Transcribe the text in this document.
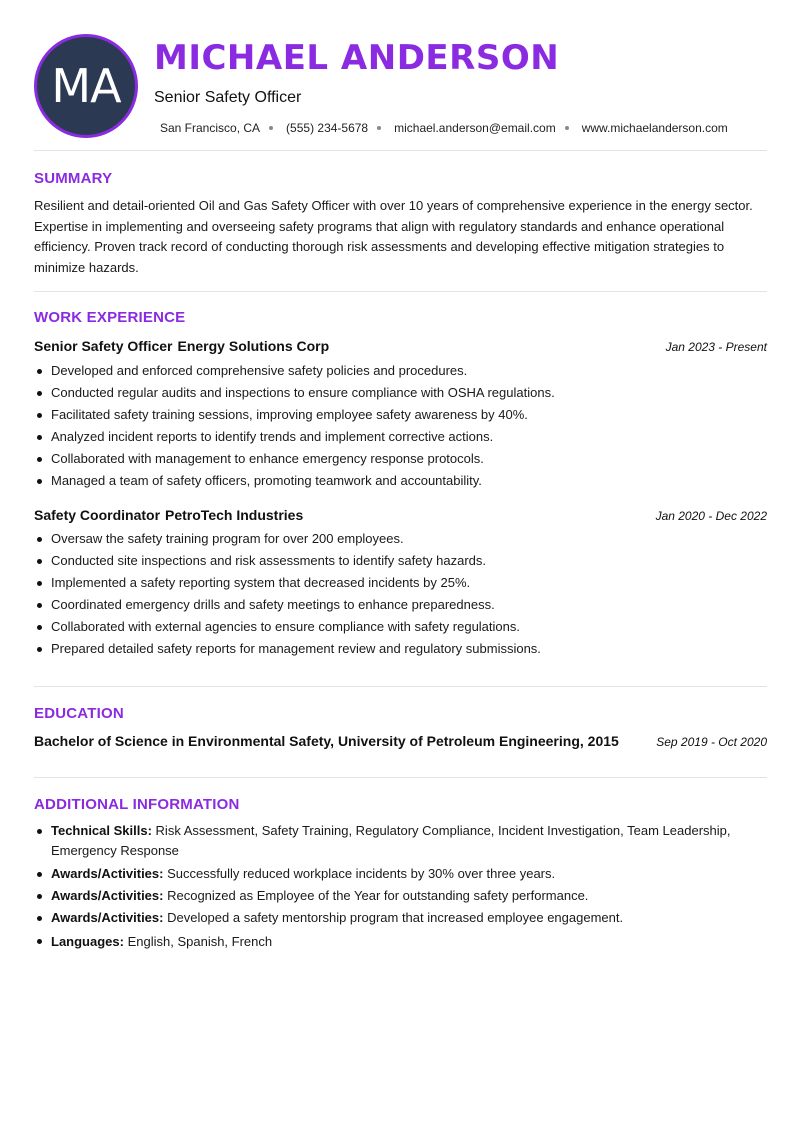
MA
MICHAEL ANDERSON
Senior Safety Officer
San Francisco, CA (555) 234-5678 michael.anderson@email.com www.michaelanderson.com
SUMMARY
Resilient and detail-oriented Oil and Gas Safety Officer with over 10 years of comprehensive experience in the energy sector. Expertise in implementing and overseeing safety programs that align with regulatory standards and enhance operational efficiency. Proven track record of conducting thorough risk assessments and developing effective mitigation strategies to minimize hazards.
WORK EXPERIENCE
Senior Safety Officer Energy Solutions Corp	Jan 2023 - Present
Developed and enforced comprehensive safety policies and procedures.
Conducted regular audits and inspections to ensure compliance with OSHA regulations.
Facilitated safety training sessions, improving employee safety awareness by 40%.
Analyzed incident reports to identify trends and implement corrective actions.
Collaborated with management to enhance emergency response protocols.
Managed a team of safety officers, promoting teamwork and accountability.
Safety Coordinator PetroTech Industries	Jan 2020 - Dec 2022
Oversaw the safety training program for over 200 employees.
Conducted site inspections and risk assessments to identify safety hazards.
Implemented a safety reporting system that decreased incidents by 25%.
Coordinated emergency drills and safety meetings to enhance preparedness.
Collaborated with external agencies to ensure compliance with safety regulations.
Prepared detailed safety reports for management review and regulatory submissions.
EDUCATION
Bachelor of Science in Environmental Safety, University of Petroleum Engineering, 2015	Sep 2019 - Oct 2020
ADDITIONAL INFORMATION
Technical Skills: Risk Assessment, Safety Training, Regulatory Compliance, Incident Investigation, Team Leadership, Emergency Response
Awards/Activities: Successfully reduced workplace incidents by 30% over three years.
Awards/Activities: Recognized as Employee of the Year for outstanding safety performance.
Awards/Activities: Developed a safety mentorship program that increased employee engagement.
Languages: English, Spanish, French
